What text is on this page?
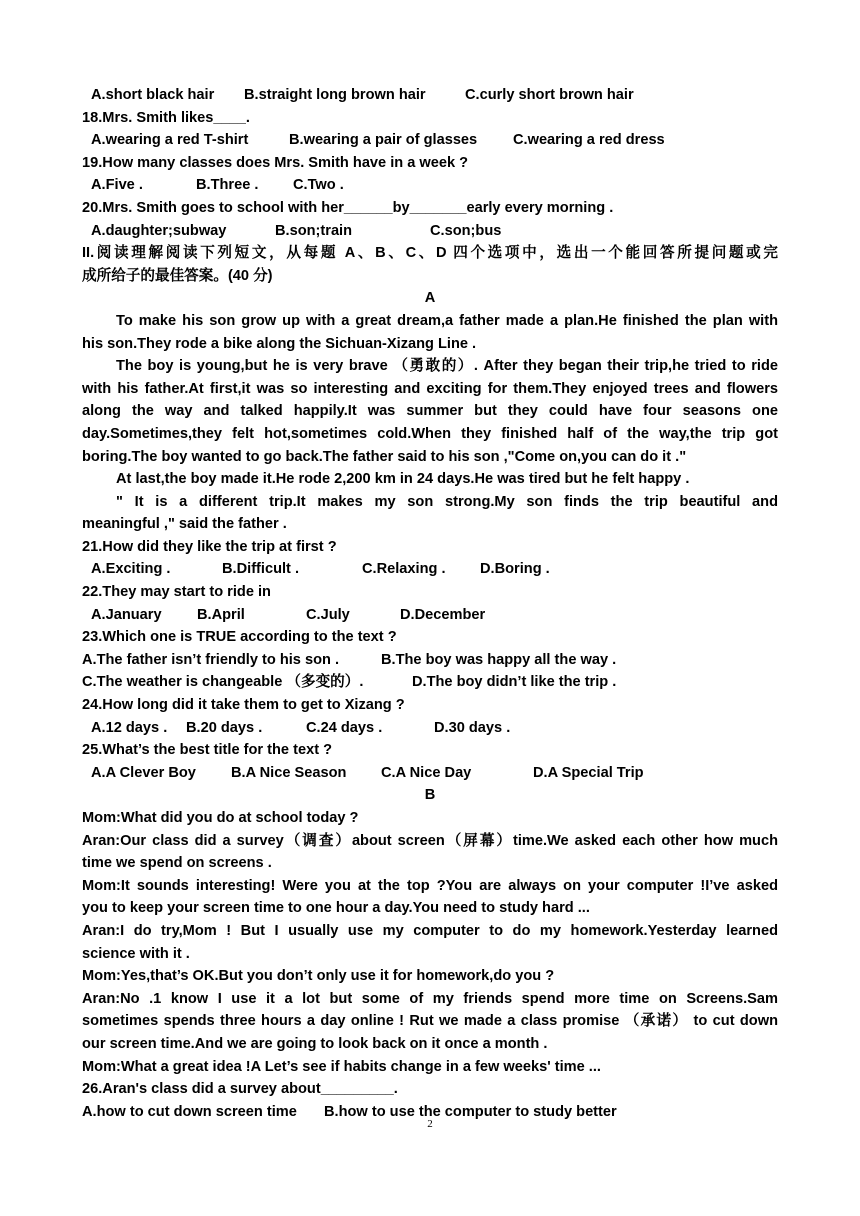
A.short black hair B.straight long brown hair	C.curly short brown hair
18.Mrs. Smith likes____.
A.wearing a red T-shirt	B.wearing a pair of glasses C.wearing a red dress
19.How many classes does Mrs. Smith have in a week ?
A.Five .	B.Three . C.Two .
20.Mrs. Smith goes to school with her______by_______early every morning .
A.daughter;subway	B.son;train	C.son;bus
II.阅读理解阅读下列短文，从每题 A、B、C、D 四个选项中，选出一个能回答所提问题或完
成所给子的最佳答案。(40 分)
A
To make his son grow up with a great dream,a father made a plan.He finished the plan with
his son.They rode a bike along the Sichuan-Xizang Line .
The boy is young,but he is very brave （勇敢的）. After they began their trip,he tried to ride
with his father.At first,it was so interesting and exciting for them.They enjoyed trees and flowers
along the way and talked happily.It was summer but they could have four seasons one
day.Sometimes,they felt hot,sometimes cold.When they finished half of the way,the trip got
boring.The boy wanted to go back.The father said to his son ,"Come on,you can do it ."
At last,the boy made it.He rode 2,200 km in 24 days.He was tired but he felt happy .
" It is a different trip.It makes my son strong.My son finds the trip beautiful and
meaningful ," said the father .
21.How did they like the trip at first ?
A.Exciting .	B.Difficult .	C.Relaxing . D.Boring .
22.They may start to ride in
A.January B.April	C.July	D.December
23.Which one is TRUE according to the text ?
A.The father isn’t friendly to his son .	B.The boy was happy all the way .
C.The weather is changeable （多变的）.	D.The boy didn’t like the trip .
24.How long did it take them to get to Xizang ?
A.12 days . B.20 days .	C.24 days .	D.30 days .
25.What’s the best title for the text ?
A.A Clever Boy B.A Nice Season C.A Nice Day	D.A Special Trip
B
Mom:What did you do at school today ?
Aran:Our class did a survey（调查）about screen（屏幕）time.We asked each other how much
time we spend on screens .
Mom:It sounds interesting! Were you at the top ?You are always on your computer !I’ve asked
you to keep your screen time to one hour a day.You need to study hard ...
Aran:I do try,Mom ! But I usually use my computer to do my homework.Yesterday learned
science with it .
Mom:Yes,that’s OK.But you don’t only use it for homework,do you ?
Aran:No .1 know I use it a lot but some of my friends spend more time on Screens.Sam
sometimes spends three hours a day online ! Rut we made a class promise （承诺） to cut down
our screen time.And we are going to look back on it once a month .
Mom:What a great idea !A Let’s see if habits change in a few weeks' time ...
26.Aran's class did a survey about_________.
A.how to cut down screen time B.how to use the computer to study better
2
